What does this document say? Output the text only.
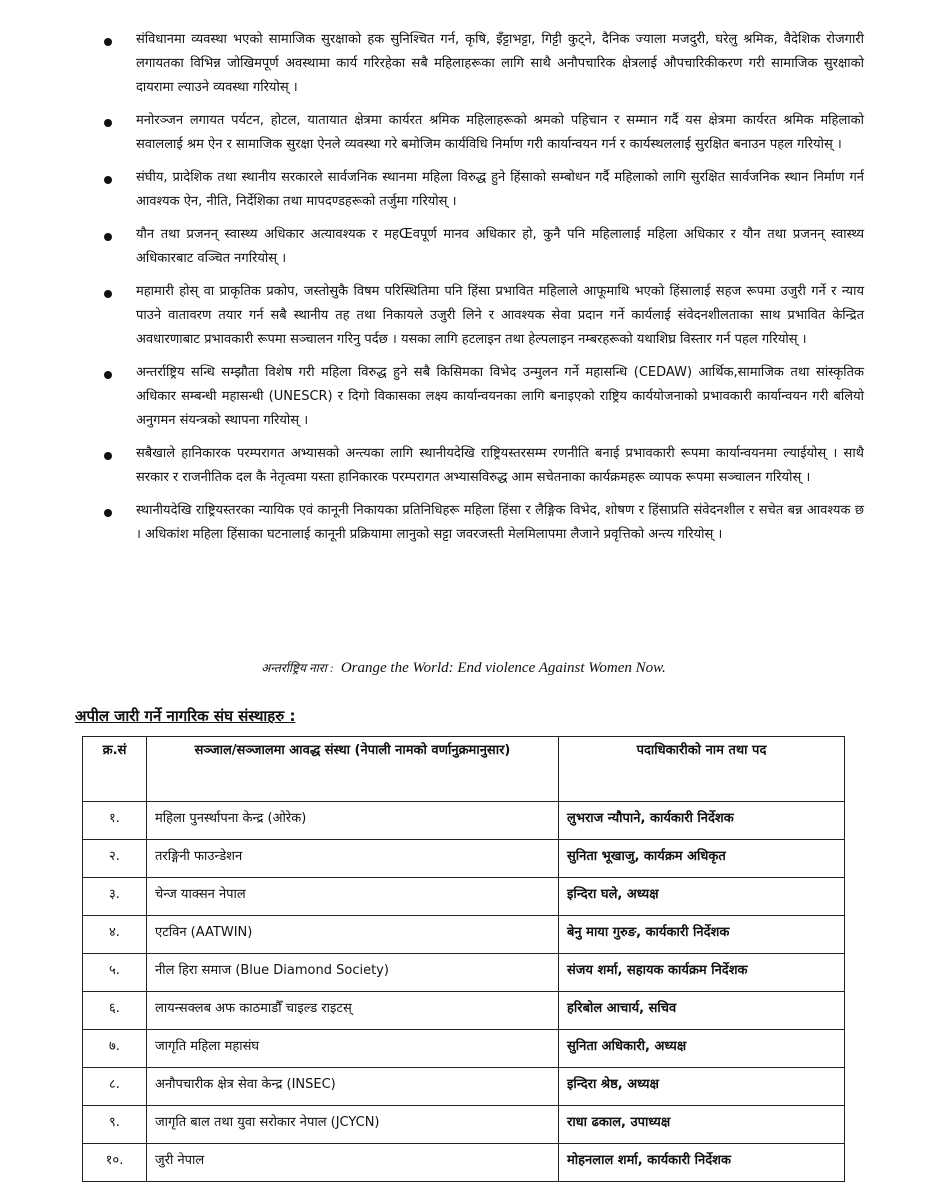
संविधानमा व्यवस्था भएको सामाजिक सुरक्षाको हक सुनिश्चित गर्न, कृषि, इँट्टाभट्टा, गिट्टी कुट्ने, दैनिक ज्याला मजदुरी, घरेलु श्रमिक, वैदेशिक रोजगारी लगायतका विभिन्न जोखिमपूर्ण अवस्थामा कार्य गरिरहेका सबै महिलाहरूका लागि साथै अनौपचारिक क्षेत्रलाई औपचारिकीकरण गरी सामाजिक सुरक्षाको दायरामा ल्याउने व्यवस्था गरियोस् ।
मनोरञ्जन लगायत पर्यटन, होटल, यातायात क्षेत्रमा कार्यरत श्रमिक महिलाहरूको श्रमको पहिचान र सम्मान गर्दै यस क्षेत्रमा कार्यरत श्रमिक महिलाको सवाललाई श्रम ऐन र सामाजिक सुरक्षा ऐनले व्यवस्था गरे बमोजिम कार्यविधि निर्माण गरी कार्यान्वयन गर्न र कार्यस्थललाई सुरक्षित बनाउन पहल गरियोस् ।
संघीय, प्रादेशिक तथा स्थानीय सरकारले सार्वजनिक स्थानमा महिला विरुद्ध हुने हिंसाको सम्बोधन गर्दै महिलाको लागि सुरक्षित सार्वजनिक स्थान निर्माण गर्न आवश्यक ऐन, नीति, निर्देशिका तथा मापदण्डहरूको तर्जुमा गरियोस् ।
यौन तथा प्रजनन् स्वास्थ्य अधिकार अत्यावश्यक र महŒवपूर्ण मानव अधिकार हो, कुनै पनि महिलालाई महिला अधिकार र यौन तथा प्रजनन् स्वास्थ्य अधिकारबाट वञ्चित नगरियोस् ।
महामारी होस् वा प्राकृतिक प्रकोप, जस्तोसुकै विषम परिस्थितिमा पनि हिंसा प्रभावित महिलाले आफूमाथि भएको हिंसालाई सहज रूपमा उजुरी गर्ने र न्याय पाउने वातावरण तयार गर्न सबै स्थानीय तह तथा निकायले उजुरी लिने र आवश्यक सेवा प्रदान गर्ने कार्यलाई संवेदनशीलताका साथ प्रभावित केन्द्रित अवधारणाबाट प्रभावकारी रूपमा सञ्चालन गरिनु पर्दछ । यसका लागि हटलाइन तथा हेल्पलाइन नम्बरहरूको यथाशिघ्र विस्तार गर्न पहल गरियोस् ।
अन्तर्राष्ट्रिय सन्धि सम्झौता विशेष गरी महिला विरुद्ध हुने सबै किसिमका विभेद उन्मुलन गर्ने महासन्धि (CEDAW) आर्थिक,सामाजिक तथा सांस्कृतिक अधिकार सम्बन्धी महासन्धी (UNESCR) र दिगो विकासका लक्ष्य कार्यान्वयनका लागि बनाइएको राष्ट्रिय कार्ययोजनाको प्रभावकारी कार्यान्वयन गरी बलियो अनुगमन संयन्त्रको स्थापना गरियोस् ।
सबैखाले हानिकारक परम्परागत अभ्यासको अन्त्यका लागि स्थानीयदेखि राष्ट्रियस्तरसम्म रणनीति बनाई प्रभावकारी रूपमा कार्यान्वयनमा ल्याईयोस् । साथै सरकार र राजनीतिक दल कै नेतृत्वमा यस्ता हानिकारक परम्परागत अभ्यासविरुद्ध आम सचेतनाका कार्यक्रमहरू व्यापक रूपमा सञ्चालन गरियोस् ।
स्थानीयदेखि राष्ट्रियस्तरका न्यायिक एवं कानूनी निकायका प्रतिनिधिहरू महिला हिंसा र लैङ्गिक विभेद, शोषण र हिंसाप्रति संवेदनशील र सचेत बन्न आवश्यक छ । अधिकांश महिला हिंसाका घटनालाई कानूनी प्रक्रियामा लानुको सट्टा जवरजस्ती मेलमिलापमा लैजाने प्रवृत्तिको अन्त्य गरियोस् ।
अन्तर्राष्ट्रिय नारा : Orange the World: End violence Against Women Now.
अपील जारी गर्ने नागरिक संघ संस्थाहरु :
क्र.सं	सञ्जाल/सञ्जालमा आवद्ध संस्था (नेपाली नामको वर्णानुक्रमानुसार)	पदाधिकारीको नाम तथा पद
१.	महिला पुनर्स्थापना केन्द्र (ओरेक)	लुभराज न्यौपाने, कार्यकारी निर्देशक
२.	तरङ्गिनी फाउन्डेशन	सुनिता भूखाजु, कार्यक्रम अधिकृत
३.	चेन्ज याक्सन नेपाल	इन्दिरा घले, अध्यक्ष
४.	एटविन (AATWIN)	बेनु माया गुरुङ, कार्यकारी निर्देशक
५.	नील हिरा समाज (Blue Diamond Society)	संजय शर्मा, सहायक कार्यक्रम निर्देशक
६.	लायन्सक्लब अफ काठमाडौँ चाइल्ड राइटस्	हरिबोल आचार्य, सचिव
७.	जागृति महिला महासंघ	सुनिता अधिकारी, अध्यक्ष
८.	अनौपचारीक क्षेत्र सेवा केन्द्र (INSEC)	इन्दिरा श्रेष्ठ, अध्यक्ष
९.	जागृति बाल तथा युवा सरोकार नेपाल (JCYCN)	राधा ढकाल, उपाध्यक्ष
१०.	जुरी नेपाल	मोहनलाल शर्मा, कार्यकारी निर्देशक
